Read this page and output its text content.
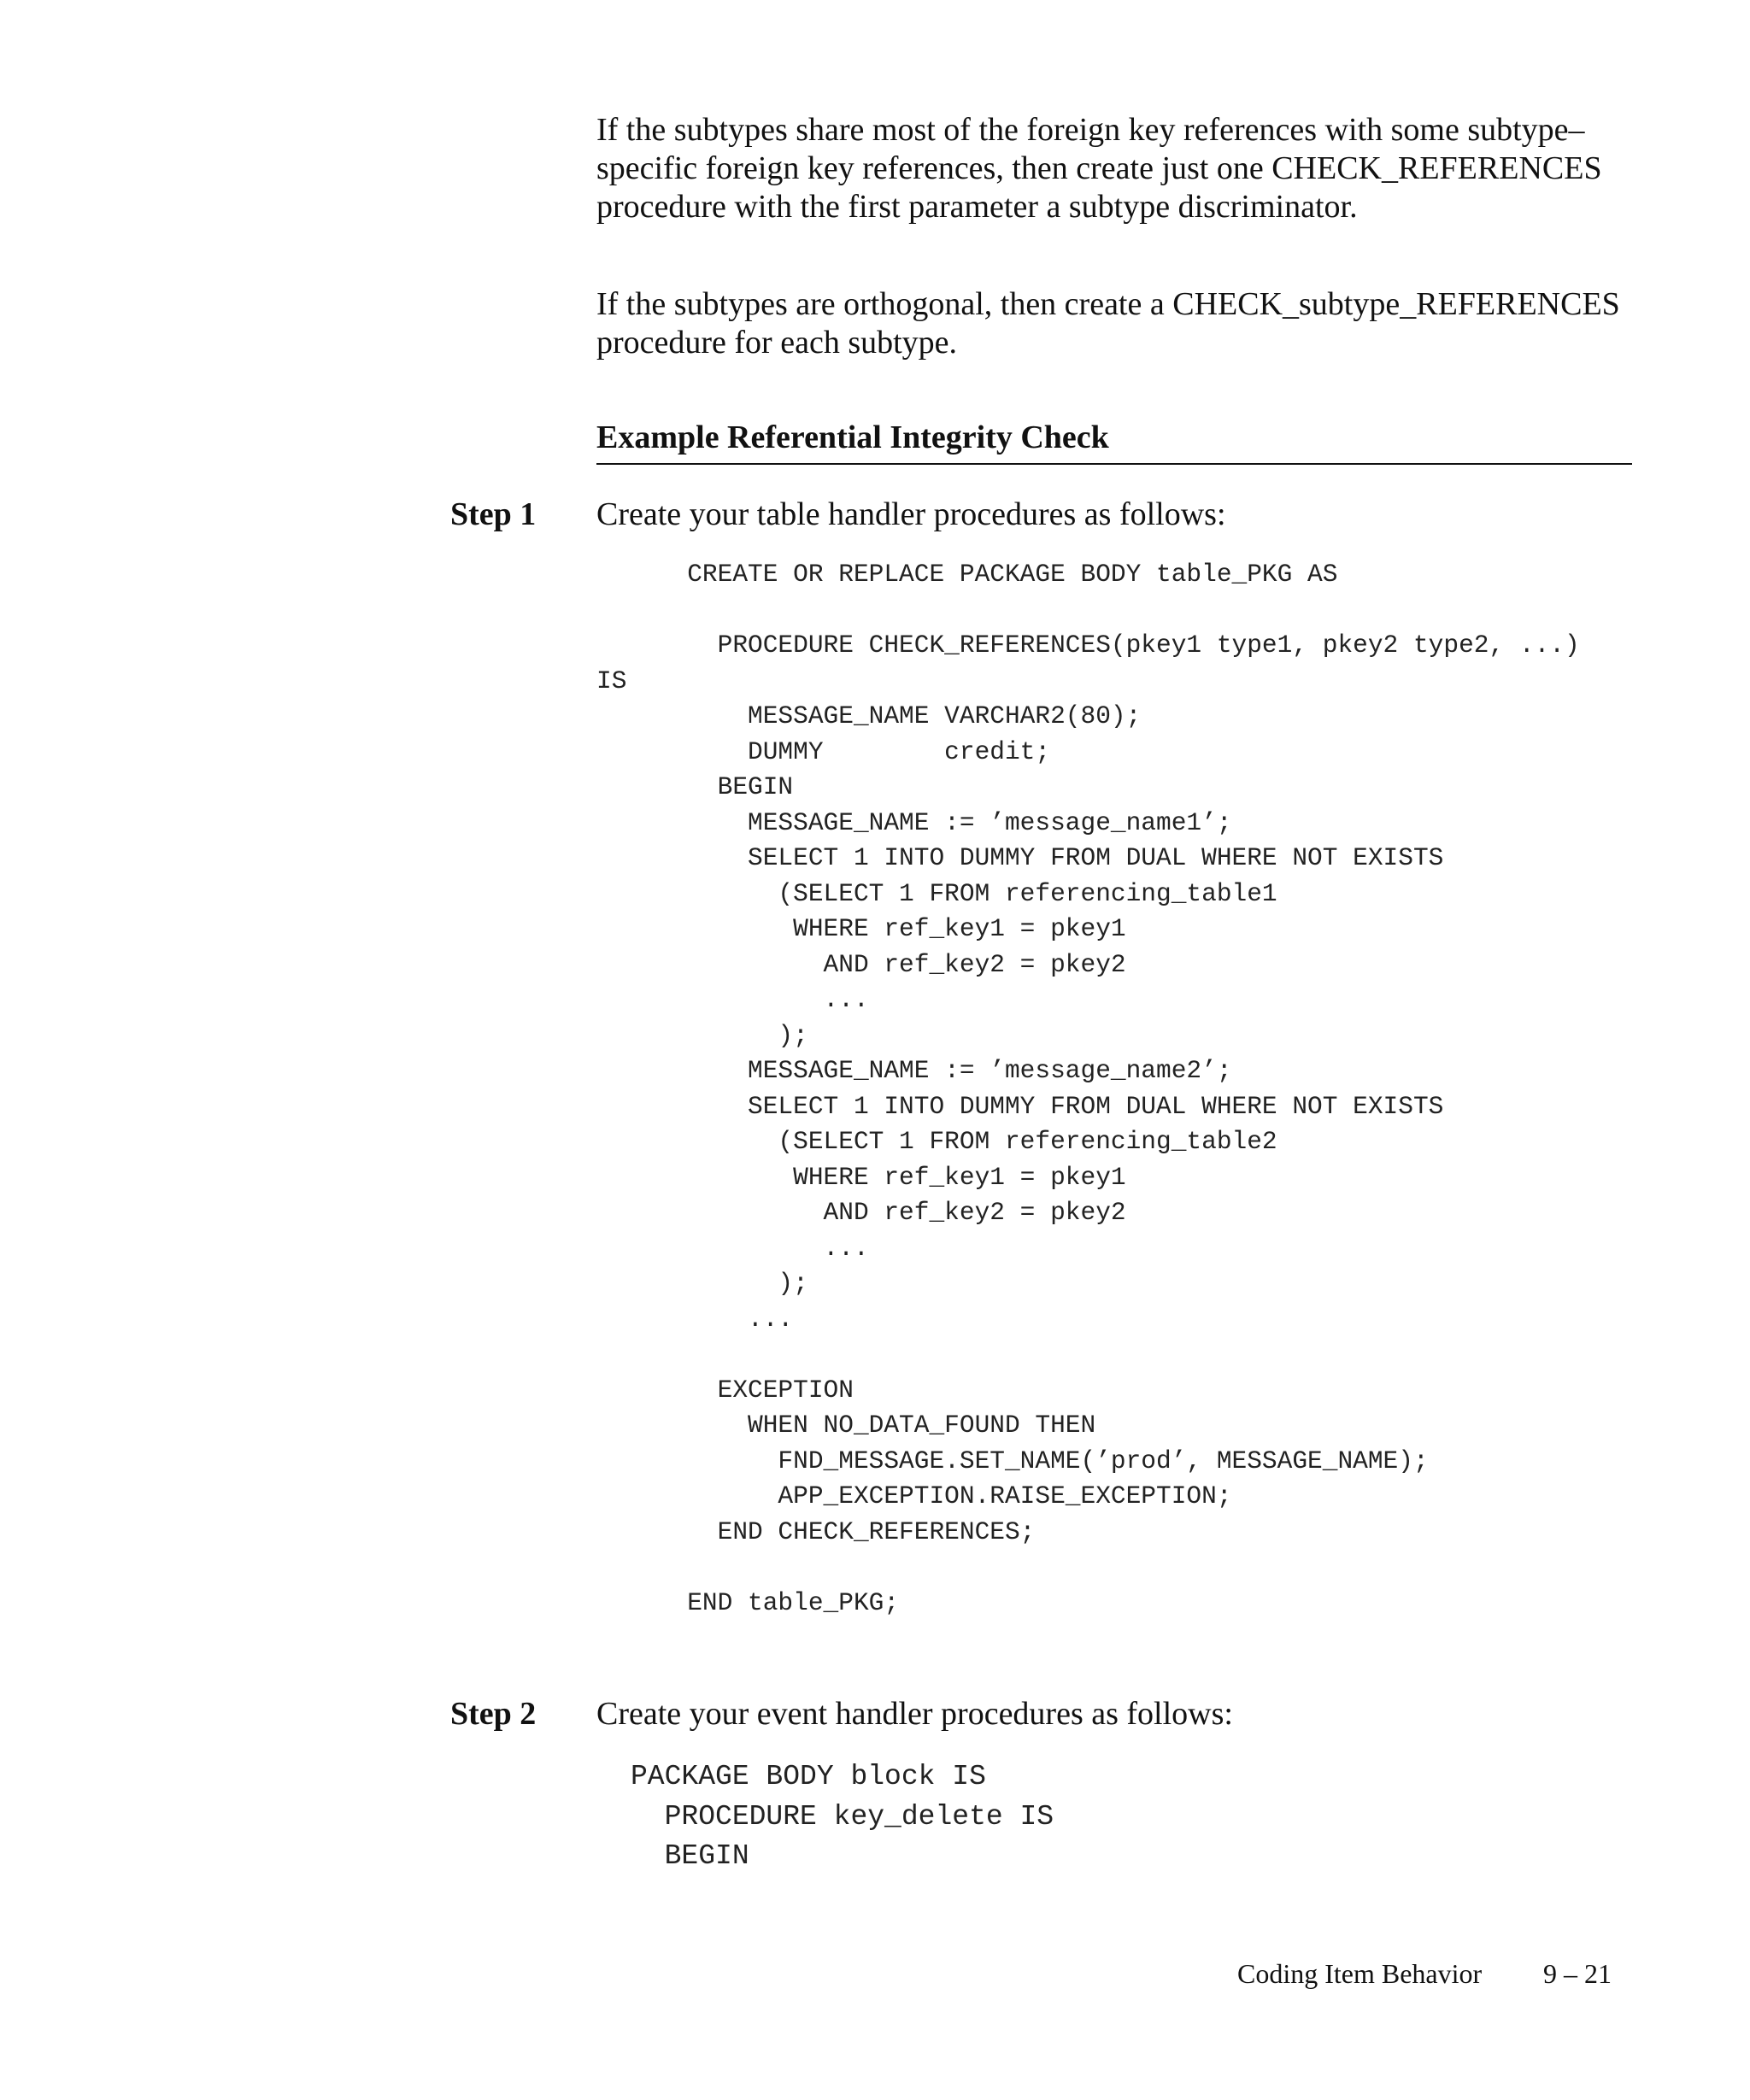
If the subtypes share most of the foreign key references with some subtype–specific foreign key references, then create just one CHECK_REFERENCES procedure with the first parameter a subtype discriminator.

If the subtypes are orthogonal, then create a CHECK_subtype_REFERENCES procedure for each subtype.

Example Referential Integrity Check
Step 1 Create your table handler procedures as follows:
CREATE OR REPLACE PACKAGE BODY table_PKG AS

PROCEDURE CHECK_REFERENCES(pkey1 type1, pkey2 type2, ...)
IS
MESSAGE_NAME VARCHAR2(80);
DUMMY        credit;
BEGIN
MESSAGE_NAME := ’message_name1’;
SELECT 1 INTO DUMMY FROM DUAL WHERE NOT EXISTS
(SELECT 1 FROM referencing_table1
WHERE ref_key1 = pkey1
AND ref_key2 = pkey2
...
);
MESSAGE_NAME := ’message_name2’;
SELECT 1 INTO DUMMY FROM DUAL WHERE NOT EXISTS
(SELECT 1 FROM referencing_table2
WHERE ref_key1 = pkey1
AND ref_key2 = pkey2
...
);
...

EXCEPTION
WHEN NO_DATA_FOUND THEN
FND_MESSAGE.SET_NAME(’prod’, MESSAGE_NAME);
APP_EXCEPTION.RAISE_EXCEPTION;
END CHECK_REFERENCES;

END table_PKG;
Step 2 Create your event handler procedures as follows:
PACKAGE BODY block IS
PROCEDURE key_delete IS
BEGIN
Coding Item Behavior 9 – 21
